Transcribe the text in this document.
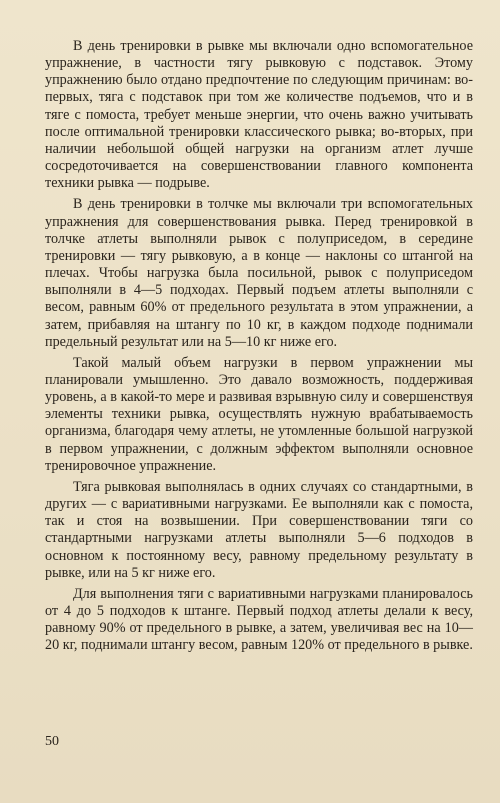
В день тренировки в рывке мы включали одно вспомогательное упражнение, в частности тягу рывковую с подставок. Этому упражнению было отдано предпочтение по следующим причинам: во-первых, тяга с подставок при том же количестве подъемов, что и в тяге с помоста, требует меньше энергии, что очень важно учитывать после оптимальной тренировки классического рывка; во-вторых, при наличии небольшой общей нагрузки на организм атлет лучше сосредоточивается на совершенствовании главного компонента техники рывка — подрыве.

В день тренировки в толчке мы включали три вспомогательных упражнения для совершенствования рывка. Перед тренировкой в толчке атлеты выполняли рывок с полуприседом, в середине тренировки — тягу рывковую, а в конце — наклоны со штангой на плечах. Чтобы нагрузка была посильной, рывок с полуприседом выполняли в 4—5 подходах. Первый подъем атлеты выполняли с весом, равным 60% от предельного результата в этом упражнении, а затем, прибавляя на штангу по 10 кг, в каждом подходе поднимали предельный результат или на 5—10 кг ниже его.

Такой малый объем нагрузки в первом упражнении мы планировали умышленно. Это давало возможность, поддерживая уровень, а в какой-то мере и развивая взрывную силу и совершенствуя элементы техники рывка, осуществлять нужную врабатываемость организма, благодаря чему атлеты, не утомленные большой нагрузкой в первом упражнении, с должным эффектом выполняли основное тренировочное упражнение.

Тяга рывковая выполнялась в одних случаях со стандартными, в других — с вариативными нагрузками. Ее выполняли как с помоста, так и стоя на возвышении. При совершенствовании тяги со стандартными нагрузками атлеты выполняли 5—6 подходов в основном к постоянному весу, равному предельному результату в рывке, или на 5 кг ниже его.

Для выполнения тяги с вариативными нагрузками планировалось от 4 до 5 подходов к штанге. Первый подход атлеты делали к весу, равному 90% от предельного в рывке, а затем, увеличивая вес на 10—20 кг, поднимали штангу весом, равным 120% от предельного в рывке.

50
